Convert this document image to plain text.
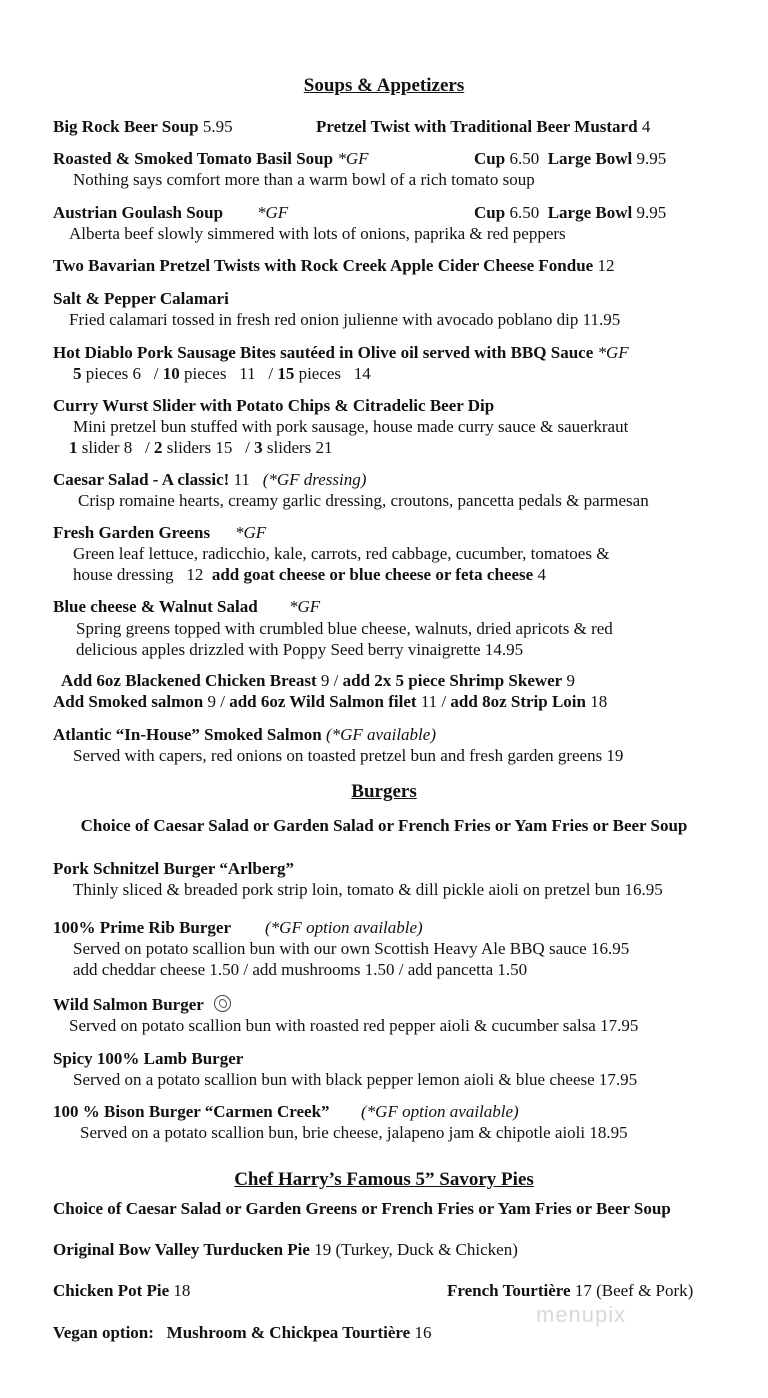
Soups & Appetizers
Big Rock Beer Soup 5.95	Pretzel Twist with Traditional Beer Mustard 4
Roasted & Smoked Tomato Basil Soup *GF	Cup 6.50 Large Bowl 9.95
Nothing says comfort more than a warm bowl of a rich tomato soup
Austrian Goulash Soup *GF	Cup 6.50 Large Bowl 9.95
Alberta beef slowly simmered with lots of onions, paprika & red peppers
Two Bavarian Pretzel Twists with Rock Creek Apple Cider Cheese Fondue 12
Salt & Pepper Calamari
Fried calamari tossed in fresh red onion julienne with avocado poblano dip 11.95
Hot Diablo Pork Sausage Bites sautéed in Olive oil served with BBQ Sauce *GF
5 pieces 6   / 10 pieces   11   / 15 pieces   14
Curry Wurst Slider with Potato Chips & Citradelic Beer Dip
Mini pretzel bun stuffed with pork sausage, house made curry sauce & sauerkraut
1 slider 8   / 2 sliders 15   / 3 sliders 21
Caesar Salad - A classic! 11 (*GF dressing)
Crisp romaine hearts, creamy garlic dressing, croutons, pancetta pedals & parmesan
Fresh Garden Greens *GF
Green leaf lettuce, radicchio, kale, carrots, red cabbage, cucumber, tomatoes &
house dressing   12 add goat cheese or blue cheese or feta cheese 4
Blue cheese & Walnut Salad *GF
Spring greens topped with crumbled blue cheese, walnuts, dried apricots & red
delicious apples drizzled with Poppy Seed berry vinaigrette 14.95
Add 6oz Blackened Chicken Breast 9 / add 2x 5 piece Shrimp Skewer 9
Add Smoked salmon 9 / add 6oz Wild Salmon filet 11 / add 8oz Strip Loin 18
Atlantic “In-House” Smoked Salmon (*GF available)
Served with capers, red onions on toasted pretzel bun and fresh garden greens 19
Burgers
Choice of Caesar Salad or Garden Salad or French Fries or Yam Fries or Beer Soup
Pork Schnitzel Burger “Arlberg”
Thinly sliced & breaded pork strip loin, tomato & dill pickle aioli on pretzel bun 16.95
100% Prime Rib Burger (*GF option available)
Served on potato scallion bun with our own Scottish Heavy Ale BBQ sauce 16.95
add cheddar cheese 1.50 / add mushrooms 1.50 / add pancetta 1.50
Wild Salmon Burger
Served on potato scallion bun with roasted red pepper aioli & cucumber salsa 17.95
Spicy 100% Lamb Burger
Served on a potato scallion bun with black pepper lemon aioli & blue cheese 17.95
100 % Bison Burger “Carmen Creek” (*GF option available)
Served on a potato scallion bun, brie cheese, jalapeno jam & chipotle aioli 18.95
Chef Harry’s Famous 5” Savory Pies
Choice of Caesar Salad or Garden Greens or French Fries or Yam Fries or Beer Soup
Original Bow Valley Turducken Pie 19 (Turkey, Duck & Chicken)
Chicken Pot Pie 18	French Tourtière 17 (Beef & Pork)
Vegan option:   Mushroom & Chickpea Tourtière 16
menupix
